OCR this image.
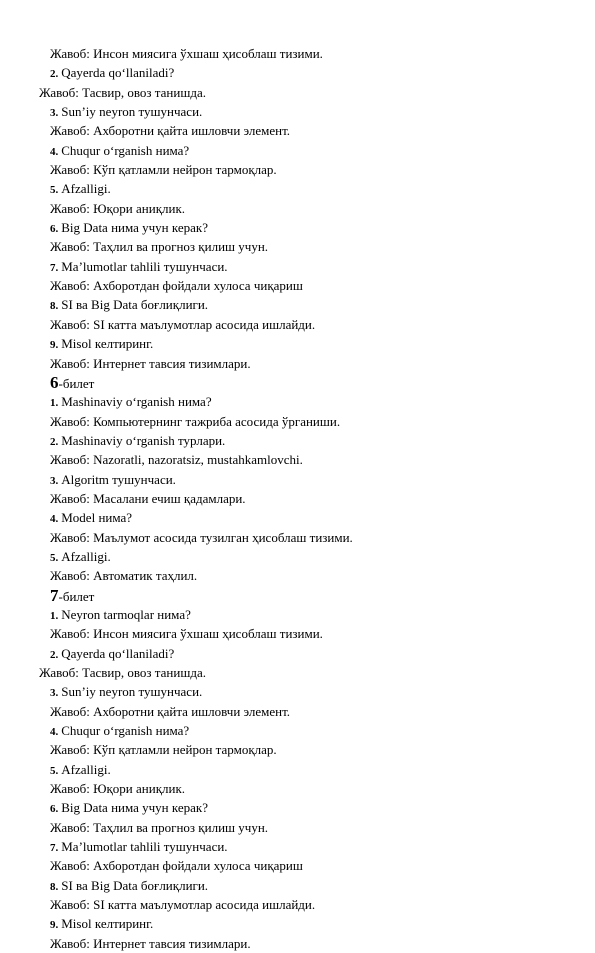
Жавоб: Инсон миясига ўхшаш ҳисоблаш тизими.
2. Qayerda qo‘llaniladi?
Жавоб: Тасвир, овоз танишда.
3. Sun’iy neyron тушунчаси.
Жавоб: Ахборотни қайта ишловчи элемент.
4. Chuqur o‘rganish нима?
Жавоб: Кўп қатламли нейрон тармоқлар.
5. Afzalligi.
Жавоб: Юқори аниқлик.
6. Big Data нима учун керак?
Жавоб: Таҳлил ва прогноз қилиш учун.
7. Ma’lumotlar tahlili тушунчаси.
Жавоб: Ахборотдан фойдали хулоса чиқариш
8. SI ва Big Data боғлиқлиги.
Жавоб: SI катта маълумотлар асосида ишлайди.
9. Misol келтиринг.
Жавоб: Интернет тавсия тизимлари.
6-билет
1. Mashinaviy o‘rganish нима?
Жавоб: Компьютернинг тажриба асосида ўрганиши.
2. Mashinaviy o‘rganish турлари.
Жавоб: Nazoratli, nazoratsiz, mustahkamlovchi.
3. Algoritm тушунчаси.
Жавоб: Масалани ечиш қадамлари.
4. Model нима?
Жавоб: Маълумот асосида тузилган ҳисоблаш тизими.
5. Afzalligi.
Жавоб: Автоматик таҳлил.
7-билет
1. Neyron tarmoqlar нима?
Жавоб: Инсон миясига ўхшаш ҳисоблаш тизими.
2. Qayerda qo‘llaniladi?
Жавоб: Тасвир, овоз танишда.
3. Sun’iy neyron тушунчаси.
Жавоб: Ахборотни қайта ишловчи элемент.
4. Chuqur o‘rganish нима?
Жавоб: Кўп қатламли нейрон тармоқлар.
5. Afzalligi.
Жавоб: Юқори аниқлик.
6. Big Data нима учун керак?
Жавоб: Таҳлил ва прогноз қилиш учун.
7. Ma’lumotlar tahlili тушунчаси.
Жавоб: Ахборотдан фойдали хулоса чиқариш
8. SI ва Big Data боғлиқлиги.
Жавоб: SI катта маълумотлар асосида ишлайди.
9. Misol келтиринг.
Жавоб: Интернет тавсия тизимлари.
